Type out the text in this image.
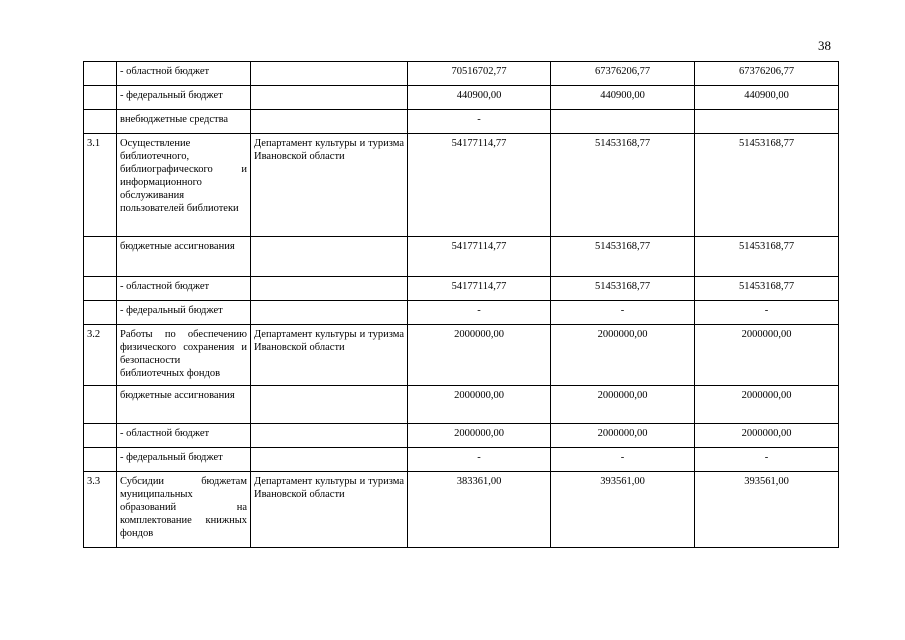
38
	- областной бюджет		70516702,77	67376206,77	67376206,77
	- федеральный бюджет		440900,00	440900,00	440900,00
	внебюджетные средства		-		
3.1	Осуществление библиотечного, библиографического и информационного обслуживания пользователей библиотеки	Департамент культуры и туризма Ивановской области	54177114,77	51453168,77	51453168,77
	бюджетные ассигнования		54177114,77	51453168,77	51453168,77
	- областной бюджет		54177114,77	51453168,77	51453168,77
	- федеральный бюджет		-	-	-
3.2	Работы по обеспечению физического сохранения и безопасности библиотечных фондов	Департамент культуры и туризма Ивановской области	2000000,00	2000000,00	2000000,00
	бюджетные ассигнования		2000000,00	2000000,00	2000000,00
	- областной бюджет		2000000,00	2000000,00	2000000,00
	- федеральный бюджет		-	-	-
3.3	Субсидии бюджетам муниципальных образований на комплектование книжных фондов	Департамент культуры и туризма Ивановской области	383361,00	393561,00	393561,00
